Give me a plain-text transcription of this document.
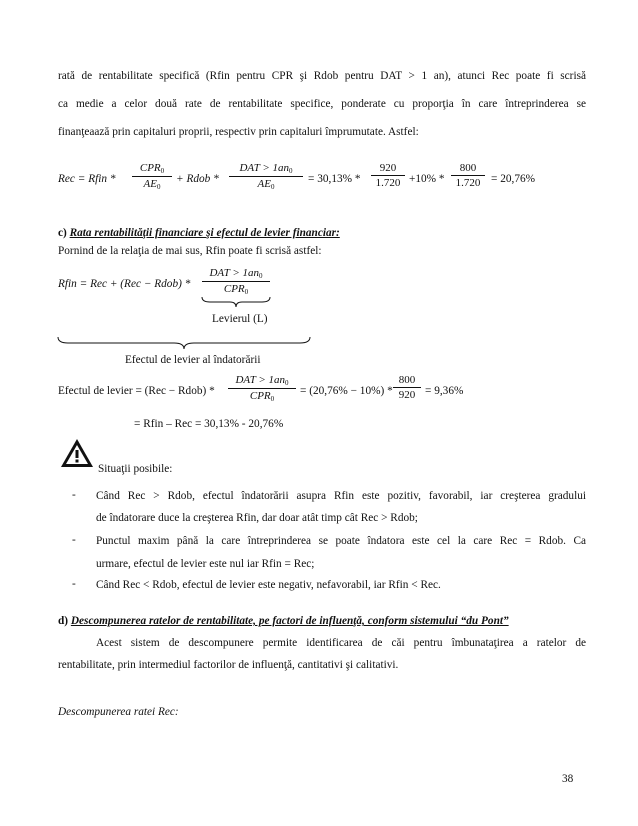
rată de rentabilitate specifică (Rfin pentru CPR şi Rdob pentru DAT > 1 an), atunci Rec poate fi scrisă
ca medie a celor două rate de rentabilitate specifice, ponderate cu proporţia în care întreprinderea se
finanţeaază prin capitaluri proprii, respectiv prin capitaluri împrumutate. Astfel:
Rec = Rfin *
$CPR_0$
$AE_0$
+ Rdob *
DAT > $1an_0$
$AE_0$
= $30,13\% * \frac{920}{1.720} +10\% * \frac{800}{1.720} = 20,76\%$
c) Rata rentabilităţii financiare şi efectul de levier financiar:
Pornind de la relaţia de mai sus, Rfin poate fi scrisă astfel:
Rfin = Rec + (Rec − Rdob) *
DAT > $1an_0$
$CPR_0$
Levierul (L)
Efectul de levier al îndatorării
Efectul de levier = (Rec − Rdob) *
DAT > $1an_0$
$CPR_0$
= $(20,76\% - 10\%) * \frac{800}{920} = 9,36\%$
= Rfin – Rec = 30,13% - 20,76%
Situaţii posibile:
- Când Rec > Rdob, efectul îndatorării asupra Rfin este pozitiv, favorabil, iar creşterea gradului
de îndatorare duce la creşterea Rfin, dar doar atât timp cât Rec > Rdob;
- Punctul maxim până la care întreprinderea se poate îndatora este cel la care Rec = Rdob. Ca
urmare, efectul de levier este nul iar Rfin = Rec;
- Când Rec < Rdob, efectul de levier este negativ, nefavorabil, iar Rfin < Rec.
d) Descompunerea ratelor de rentabilitate, pe factori de influenţă, conform sistemului “du Pont”
Acest sistem de descompunere permite identificarea de căi pentru îmbunataţirea a ratelor de
rentabilitate, prin intermediul factorilor de influenţă, cantitativi şi calitativi.
Descompunerea ratei Rec:
38
